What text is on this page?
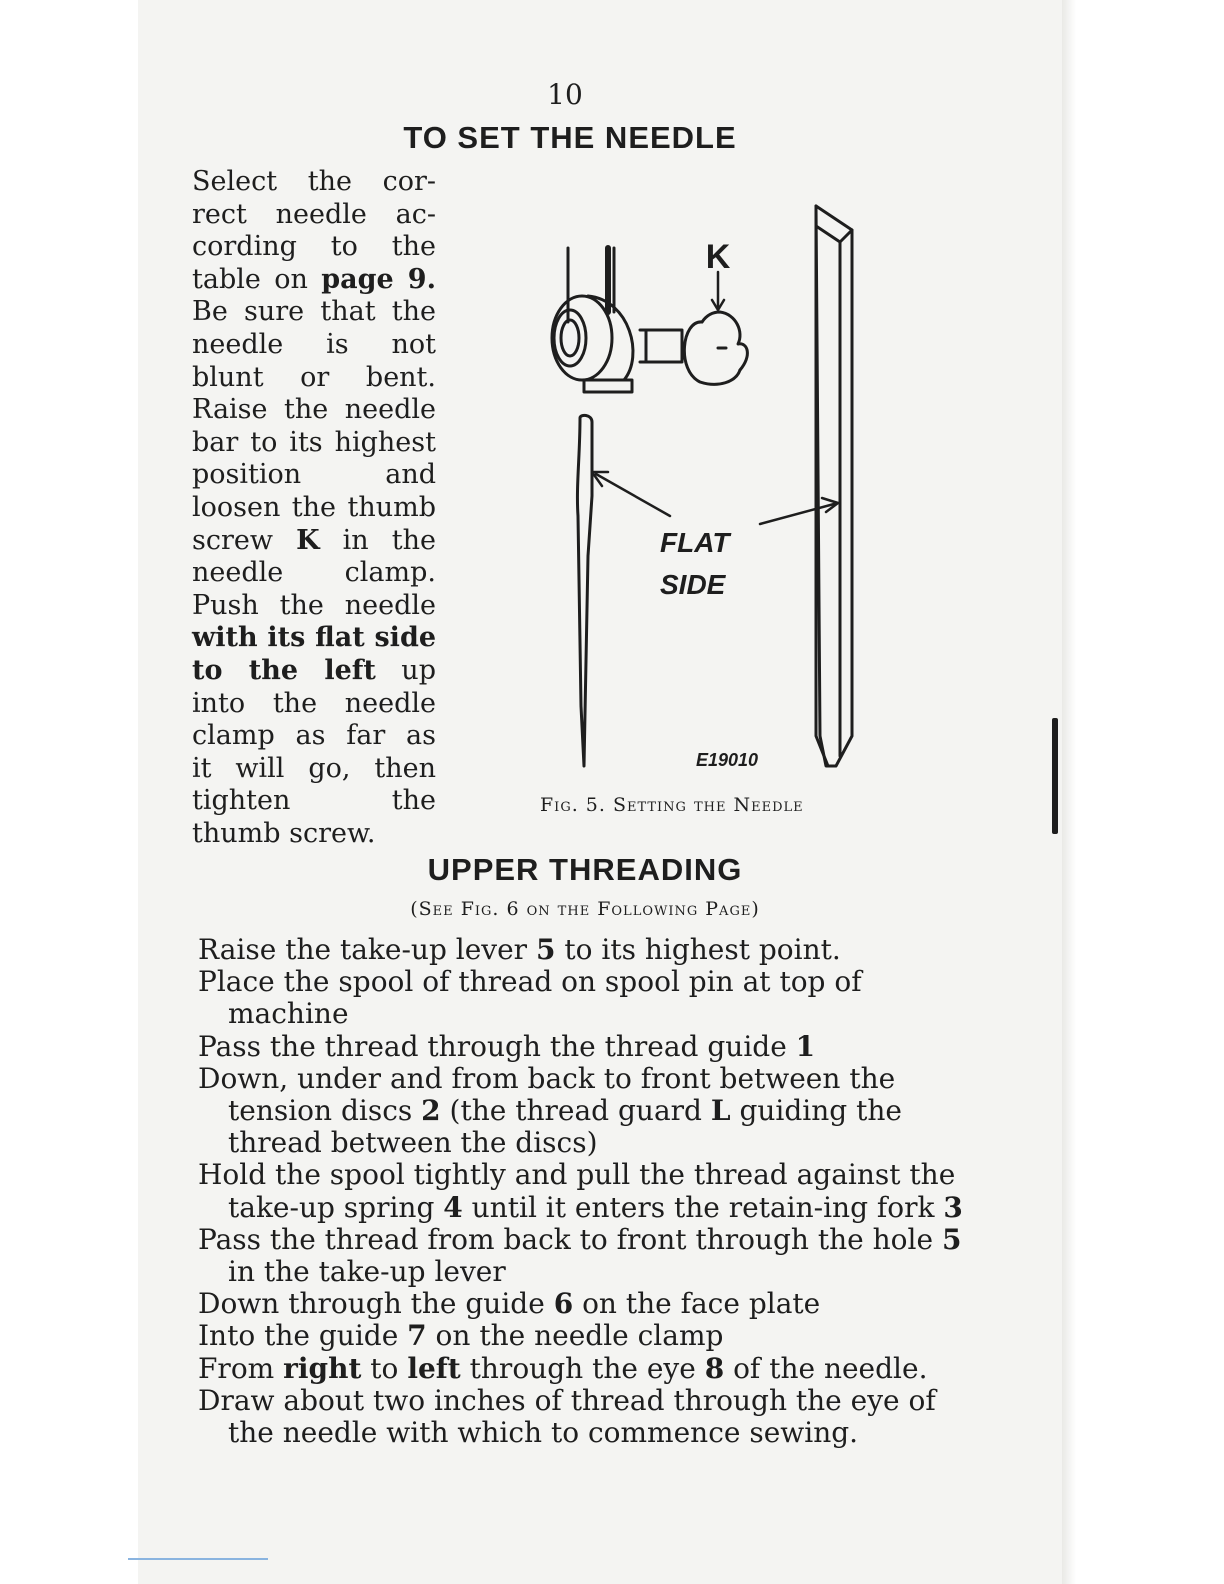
10
TO SET THE NEEDLE
Select the cor-
rect needle ac-
cording to the
table on page 9.
Be sure that the
needle is not
blunt or bent.
Raise the needle
bar to its highest
position and
loosen the thumb
screw K in the
needle clamp.
Push the needle
with its flat side
to the left up
into the needle
clamp as far as
it will go, then
tighten the
thumb screw.
K
FLAT
SIDE
E19010
Fig. 5. Setting the Needle
UPPER THREADING
(See Fig. 6 on the Following Page)
Raise the take-up lever 5 to its highest point.
Place the spool of thread on spool pin at top of machine
Pass the thread through the thread guide 1
Down, under and from back to front between the tension discs 2 (the thread guard L guiding the thread between the discs)
Hold the spool tightly and pull the thread against the take-up spring 4 until it enters the retain-ing fork 3
Pass the thread from back to front through the hole 5 in the take-up lever
Down through the guide 6 on the face plate
Into the guide 7 on the needle clamp
From right to left through the eye 8 of the needle.
Draw about two inches of thread through the eye of the needle with which to commence sewing.
